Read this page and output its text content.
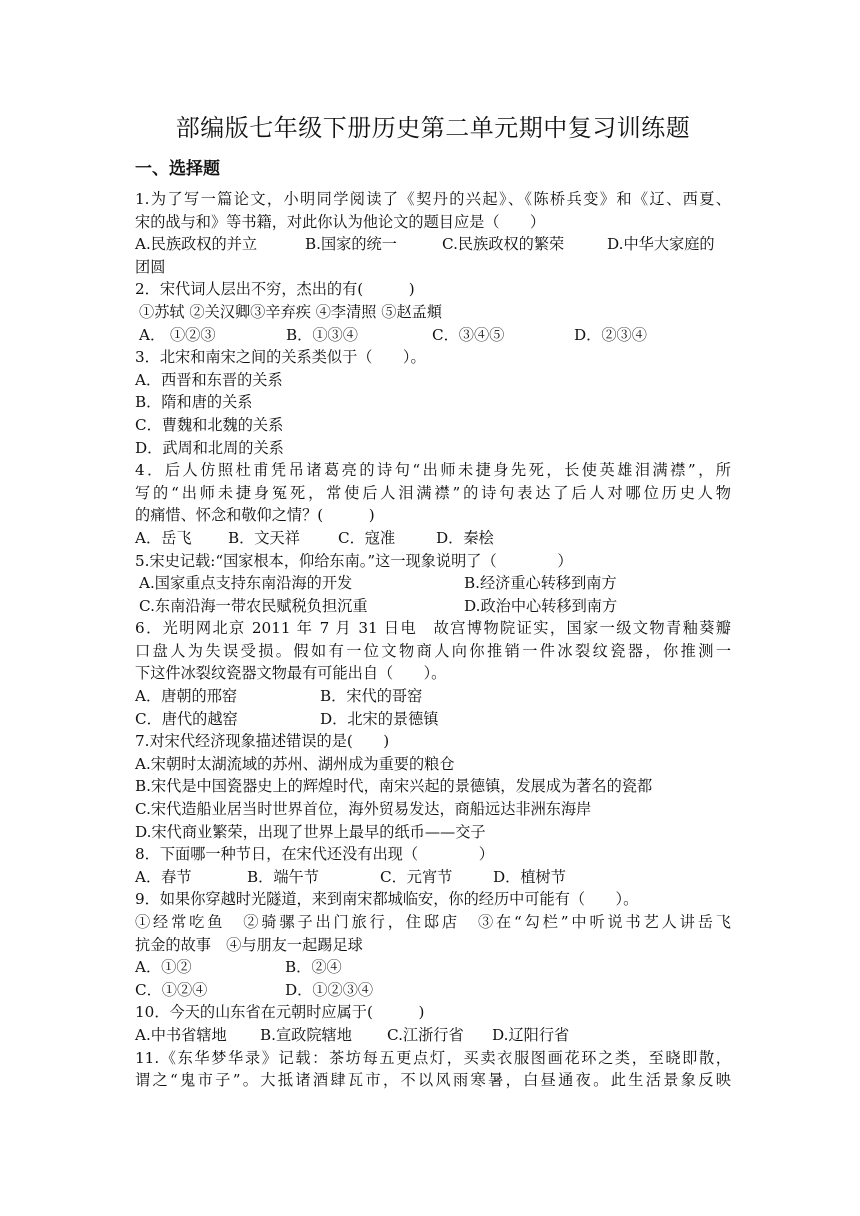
部编版七年级下册历史第二单元期中复习训练题
一、选择题
1.为了写一篇论文，小明同学阅读了《契丹的兴起》、《陈桥兵变》和《辽、西夏、
宋的战与和》等书籍，对此你认为他论文的题目应是（　　）
A.民族政权的并立	B.国家的统一	C.民族政权的繁荣	D.中华大家庭的
团圆
2．宋代词人层出不穷，杰出的有(　　　)
①苏轼 ②关汉卿③辛弃疾 ④李清照 ⑤赵孟頫
A． ①②③	B．①③④	C．③④⑤	D．②③④
3．北宋和南宋之间的关系类似于（　　）。
A．西晋和东晋的关系
B．隋和唐的关系
C．曹魏和北魏的关系
D．武周和北周的关系
4．后人仿照杜甫凭吊诸葛亮的诗句“出师未捷身先死，长使英雄泪满襟”，所
写的“出师未捷身冤死，常使后人泪满襟”的诗句表达了后人对哪位历史人物
的痛惜、怀念和敬仰之情？(　　　)
A．岳飞	B．文天祥	C．寇准	D．秦桧
5.宋史记载:“国家根本，仰给东南。”这一现象说明了（　　　　）
A.国家重点支持东南沿海的开发	B.经济重心转移到南方
C.东南沿海一带农民赋税负担沉重	D.政治中心转移到南方
6．光明网北京 2011 年 7 月 31 日电　故宫博物院证实，国家一级文物青釉葵瓣
口盘人为失误受损。假如有一位文物商人向你推销一件冰裂纹瓷器，你推测一
下这件冰裂纹瓷器文物最有可能出自（　　）。
A．唐朝的邢窑	B．宋代的哥窑
C．唐代的越窑	D．北宋的景德镇
7.对宋代经济现象描述错误的是(　　)
A.宋朝时太湖流域的苏州、湖州成为重要的粮仓
B.宋代是中国瓷器史上的辉煌时代，南宋兴起的景德镇，发展成为著名的瓷都
C.宋代造船业居当时世界首位，海外贸易发达，商船远达非洲东海岸
D.宋代商业繁荣，出现了世界上最早的纸币——交子
8．下面哪一种节日，在宋代还没有出现（　　　　）
A．春节	B．端午节	C．元宵节	D．植树节
9．如果你穿越时光隧道，来到南宋都城临安，你的经历中可能有（　　）。
①经常吃鱼　②骑骡子出门旅行，住邸店　③在“勾栏”中听说书艺人讲岳飞
抗金的故事　④与朋友一起踢足球
A．①②	B．②④
C．①②④	D．①②③④
10．今天的山东省在元朝时应属于(　　　)
A.中书省辖地	B.宣政院辖地	C.江浙行省	D.辽阳行省
11.《东华梦华录》记载：茶坊每五更点灯，买卖衣服图画花环之类，至晓即散，
谓之“鬼市子”。大抵诸酒肆瓦市，不以风雨寒暑，白昼通夜。此生活景象反映
